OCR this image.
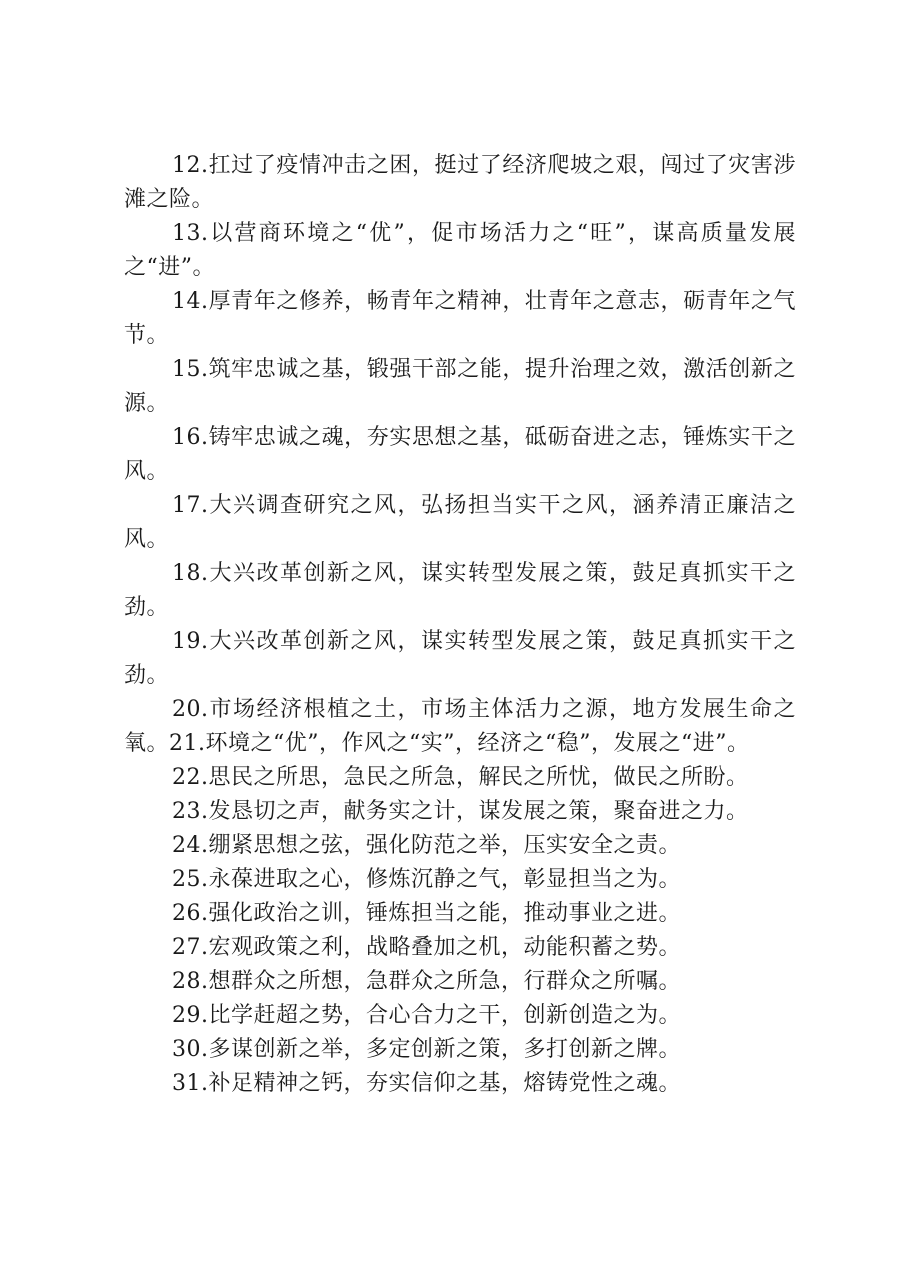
12.扛过了疫情冲击之困，挺过了经济爬坡之艰，闯过了灾害涉滩之险。

13.以营商环境之“优”，促市场活力之“旺”，谋高质量发展之“进”。

14.厚青年之修养，畅青年之精神，壮青年之意志，砺青年之气节。

15.筑牢忠诚之基，锻强干部之能，提升治理之效，激活创新之源。

16.铸牢忠诚之魂，夯实思想之基，砥砺奋进之志，锤炼实干之风。

17.大兴调查研究之风，弘扬担当实干之风，涵养清正廉洁之风。

18.大兴改革创新之风，谋实转型发展之策，鼓足真抓实干之劲。

19.大兴改革创新之风，谋实转型发展之策，鼓足真抓实干之劲。

20.市场经济根植之土，市场主体活力之源，地方发展生命之氧。21.环境之“优”，作风之“实”，经济之“稳”，发展之“进”。

22.思民之所思，急民之所急，解民之所忧，做民之所盼。

23.发恳切之声，献务实之计，谋发展之策，聚奋进之力。

24.绷紧思想之弦，强化防范之举，压实安全之责。

25.永葆进取之心，修炼沉静之气，彰显担当之为。

26.强化政治之训，锤炼担当之能，推动事业之进。

27.宏观政策之利，战略叠加之机，动能积蓄之势。

28.想群众之所想，急群众之所急，行群众之所嘱。

29.比学赶超之势，合心合力之干，创新创造之为。

30.多谋创新之举，多定创新之策，多打创新之牌。

31.补足精神之钙，夯实信仰之基，熔铸党性之魂。
